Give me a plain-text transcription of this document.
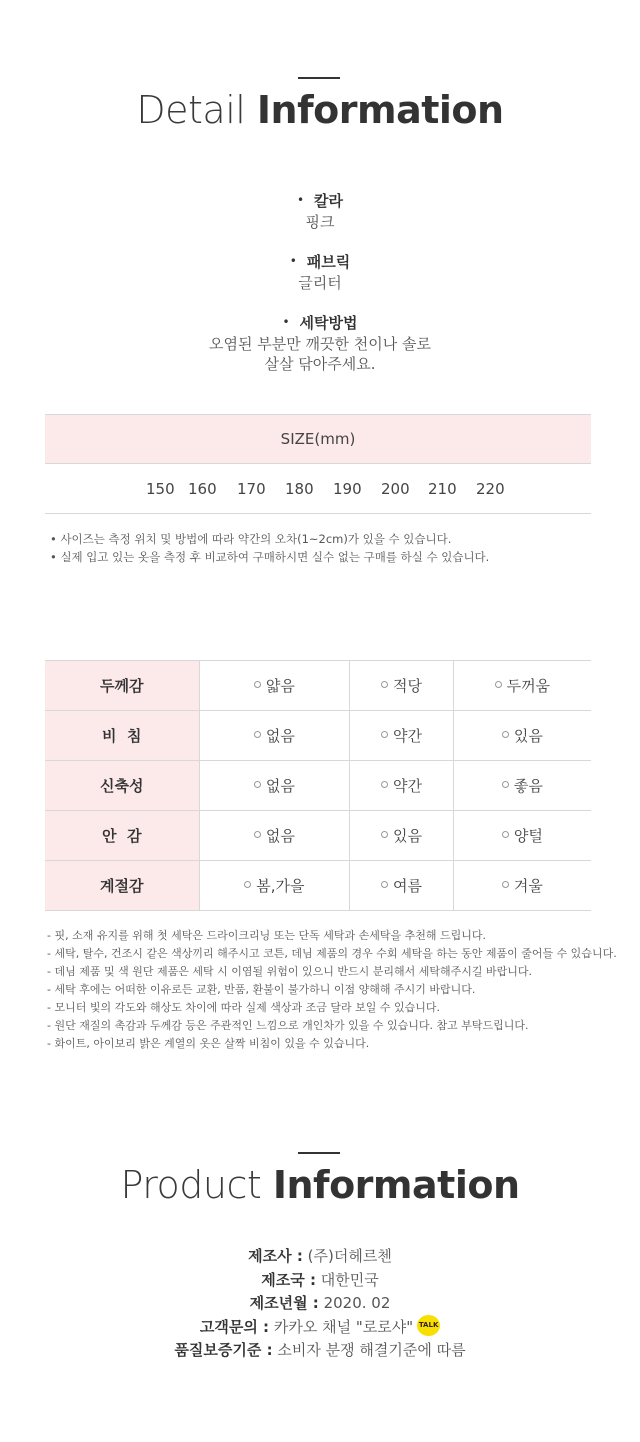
Detail Information
• 칼라
핑크
• 패브릭
글리터
• 세탁방법
오염된 부분만 깨끗한 천이나 솔로
살살 닦아주세요.
SIZE(mm)
150 160 170 180 190 200 210 220
• 사이즈는 측정 위치 및 방법에 따라 약간의 오차(1~2cm)가 있을 수 있습니다.
• 실제 입고 있는 옷을 측정 후 비교하여 구매하시면 실수 없는 구매를 하실 수 있습니다.
두께감	얇음	적당	두꺼움
비  침	없음	약간	있음
신축성	없음	약간	좋음
안  감	없음	있음	양털
계절감	봄,가을	여름	겨울
- 핏, 소재 유지를 위해 첫 세탁은 드라이크리닝 또는 단독 세탁과 손세탁을 추천해 드립니다.
- 세탁, 탈수, 건조시 같은 색상끼리 해주시고 코튼, 데님 제품의 경우 수회 세탁을 하는 동안 제품이 줄어들 수 있습니다.
- 데님 제품 및 색 원단 제품은 세탁 시 이염될 위험이 있으니 반드시 분리해서 세탁해주시길 바랍니다.
- 세탁 후에는 어떠한 이유로든 교환, 반품, 환불이 불가하니 이점 양해해 주시기 바랍니다.
- 모니터 빛의 각도와 해상도 차이에 따라 실제 색상과 조금 달라 보일 수 있습니다.
- 원단 재질의 촉감과 두께감 등은 주관적인 느낌으로 개인차가 있을 수 있습니다. 참고 부탁드립니다.
- 화이트, 아이보리 밝은 계열의 옷은 살짝 비침이 있을 수 있습니다.
Product Information
제조사 : (주)더헤르첸
제조국 : 대한민국
제조년월 : 2020. 02
고객문의 : 카카오 채널 "로로샤" TALK
품질보증기준 : 소비자 분쟁 해결기준에 따름
